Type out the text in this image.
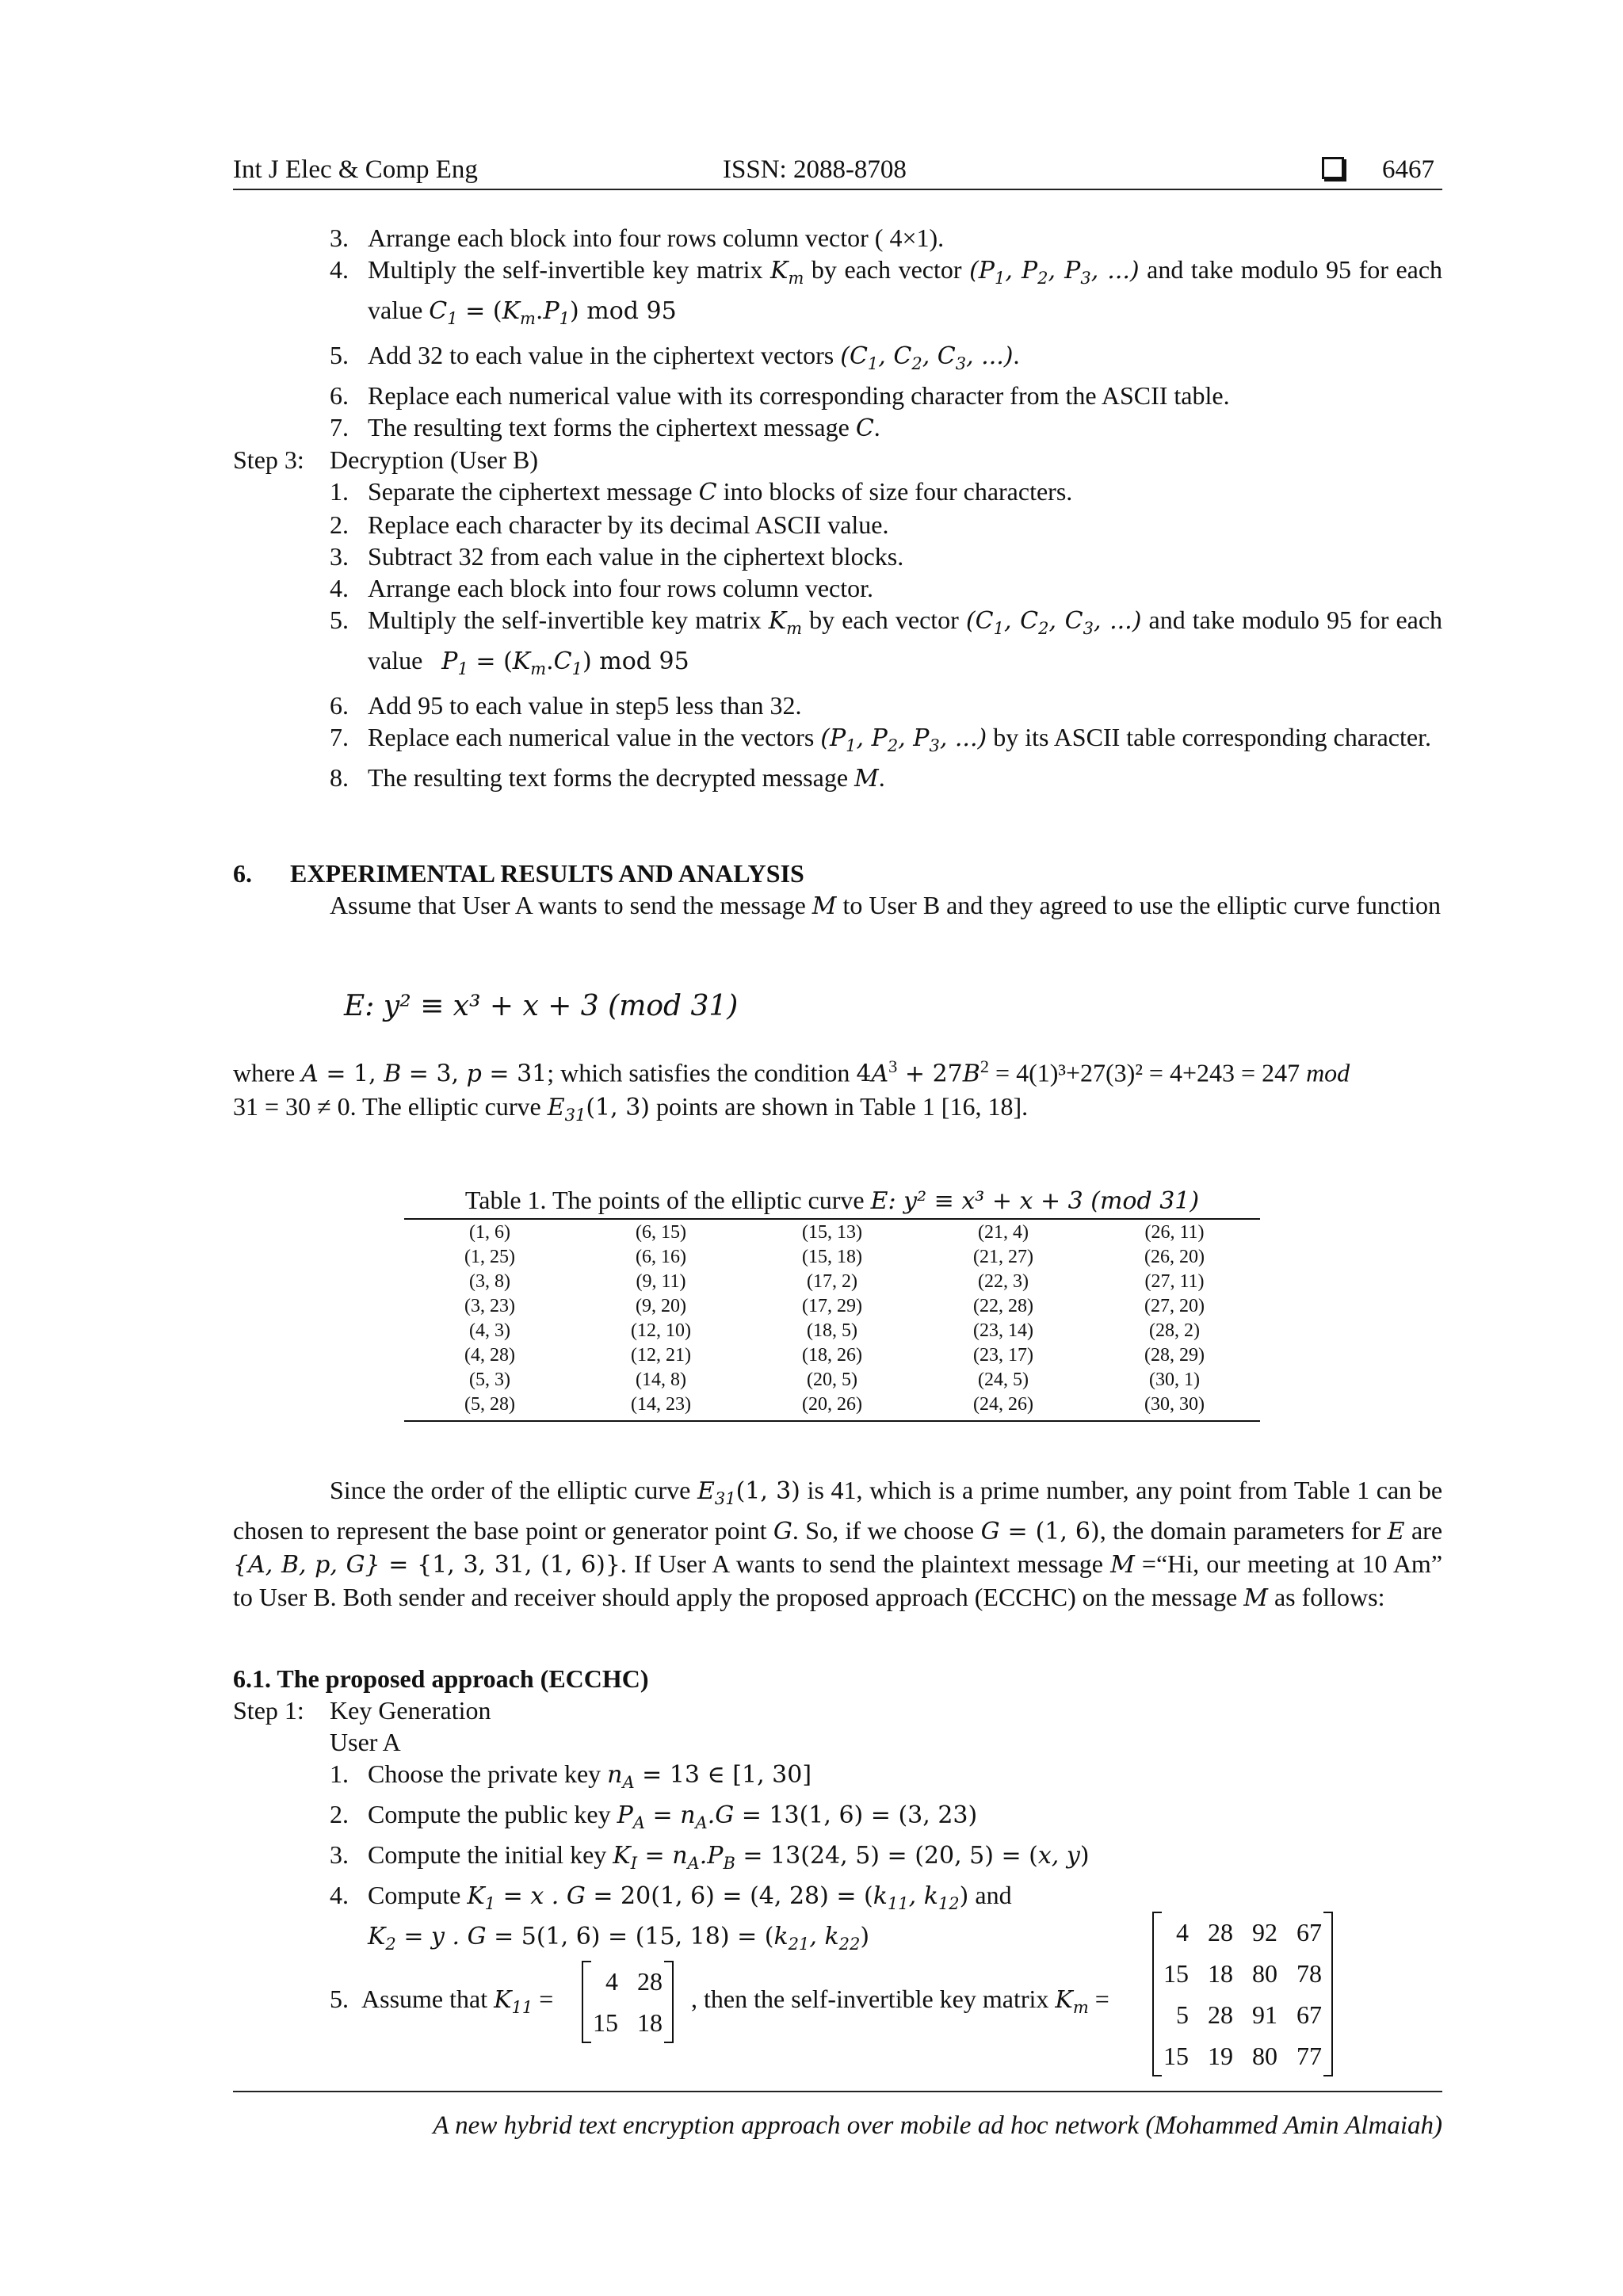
Int J Elec & Comp Eng	ISSN: 2088-8708	6467

3. Arrange each block into four rows column vector ( 4×1).

4. Multiply the self-invertible key matrix $K_m$ by each vector ($P_1$, $P_2$, $P_3$, ...) and take modulo 95 for each value $C_1 = (K_m.P_1)$ mod 95

5. Add 32 to each value in the ciphertext vectors ($C_1$, $C_2$, $C_3$, ...).

6. Replace each numerical value with its corresponding character from the ASCII table.

7. The resulting text forms the ciphertext message C.

Step 3: Decryption (User B)

1. Separate the ciphertext message C into blocks of size four characters.

2. Replace each character by its decimal ASCII value.

3. Subtract 32 from each value in the ciphertext blocks.

4. Arrange each block into four rows column vector.

5. Multiply the self-invertible key matrix $K_m$ by each vector ($C_1$, $C_2$, $C_3$, ...) and take modulo 95 for each value $P_1 = (K_m.C_1)$ mod 95

6. Add 95 to each value in step5 less than 32.

7. Replace each numerical value in the vectors ($P_1$, $P_2$, $P_3$, ...) by its ASCII table corresponding character.

8. The resulting text forms the decrypted message M.

6. EXPERIMENTAL RESULTS AND ANALYSIS
Assume that User A wants to send the message M to User B and they agreed to use the elliptic curve function
E: y² ≡ x³ + x + 3 (mod 31)
where A = 1, B = 3, p = 31; which satisfies the condition $4A^3 + 27B^2 = 4(1)^3+27(3)^2 = 4+243 = 247$ mod
31 = 30 ≠ 0. The elliptic curve $E_{31}(1$, 3) points are shown in Table 1 [16, 18].
Table 1. The points of the elliptic curve E: y² ≡ x³ + x + 3 (mod 31)
(1, 6)	(6, 15)	(15, 13)	(21, 4)	(26, 11)
(1, 25)	(6, 16)	(15, 18)	(21, 27)	(26, 20)
(3, 8)	(9, 11)	(17, 2)	(22, 3)	(27, 11)
(3, 23)	(9, 20)	(17, 29)	(22, 28)	(27, 20)
(4, 3)	(12, 10)	(18, 5)	(23, 14)	(28, 2)
(4, 28)	(12, 21)	(18, 26)	(23, 17)	(28, 29)
(5, 3)	(14, 8)	(20, 5)	(24, 5)	(30, 1)
(5, 28)	(14, 23)	(20, 26)	(24, 26)	(30, 30)
Since the order of the elliptic curve $E_{31}(1$, 3) is 41, which is a prime number, any point from Table 1 can be chosen to represent the base point or generator point G. So, if we choose G = (1, 6), the domain parameters for E are {A, B, p, G} = {1, 3, 31, (1, 6)}. If User A wants to send the plaintext message M =“Hi, our meeting at 10 Am” to User B. Both sender and receiver should apply the proposed approach (ECCHC) on the message M as follows:
6.1. The proposed approach (ECCHC)
Step 1: Key Generation
User A

1. Choose the private key $n_A = 13$ ∈ [1, 30]

2. Compute the public key $P_A = n_A.G = 13(1$, 6) = (3, 23)

3. Compute the initial key $K_I = n_A.P_B = 13(24$, 5) = (20, 5) = (x, y)

4. Compute $K_1 = x$ . G = 20(1, 6) = (4, $28) = (k_{11}$, $k_{12}$) and
$K_2 = y$ . G = 5(1, 6) = (15, $18) = (k_{21}$, $k_{22}$)

5. Assume that $K_{11}$ =
4	28
15	18
, then the self-invertible key matrix $K_m$ =
4	28	92	67
15	18	80	78
5	28	91	67
15	19	80	77
A new hybrid text encryption approach over mobile ad hoc network (Mohammed Amin Almaiah)
